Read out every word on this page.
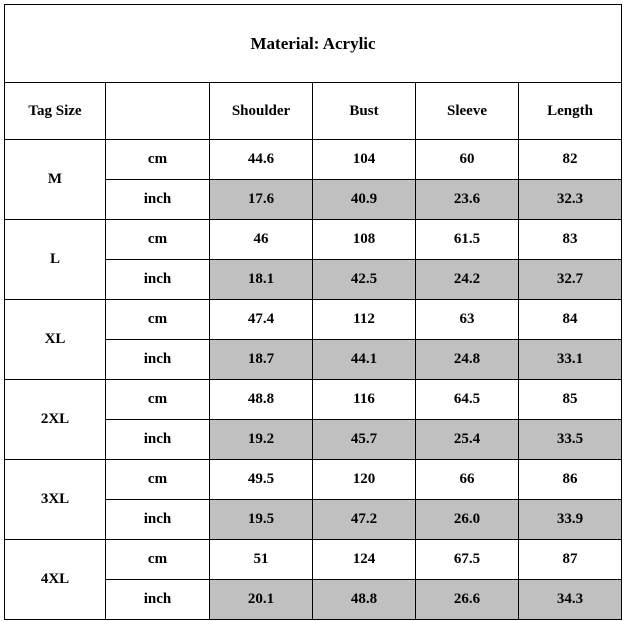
Material: Acrylic					
Tag Size		Shoulder	Bust	Sleeve	Length
M	cm	44.6	104	60	82
	inch	17.6	40.9	23.6	32.3
L	cm	46	108	61.5	83
	inch	18.1	42.5	24.2	32.7
XL	cm	47.4	112	63	84
	inch	18.7	44.1	24.8	33.1
2XL	cm	48.8	116	64.5	85
	inch	19.2	45.7	25.4	33.5
3XL	cm	49.5	120	66	86
	inch	19.5	47.2	26.0	33.9
4XL	cm	51	124	67.5	87
	inch	20.1	48.8	26.6	34.3
